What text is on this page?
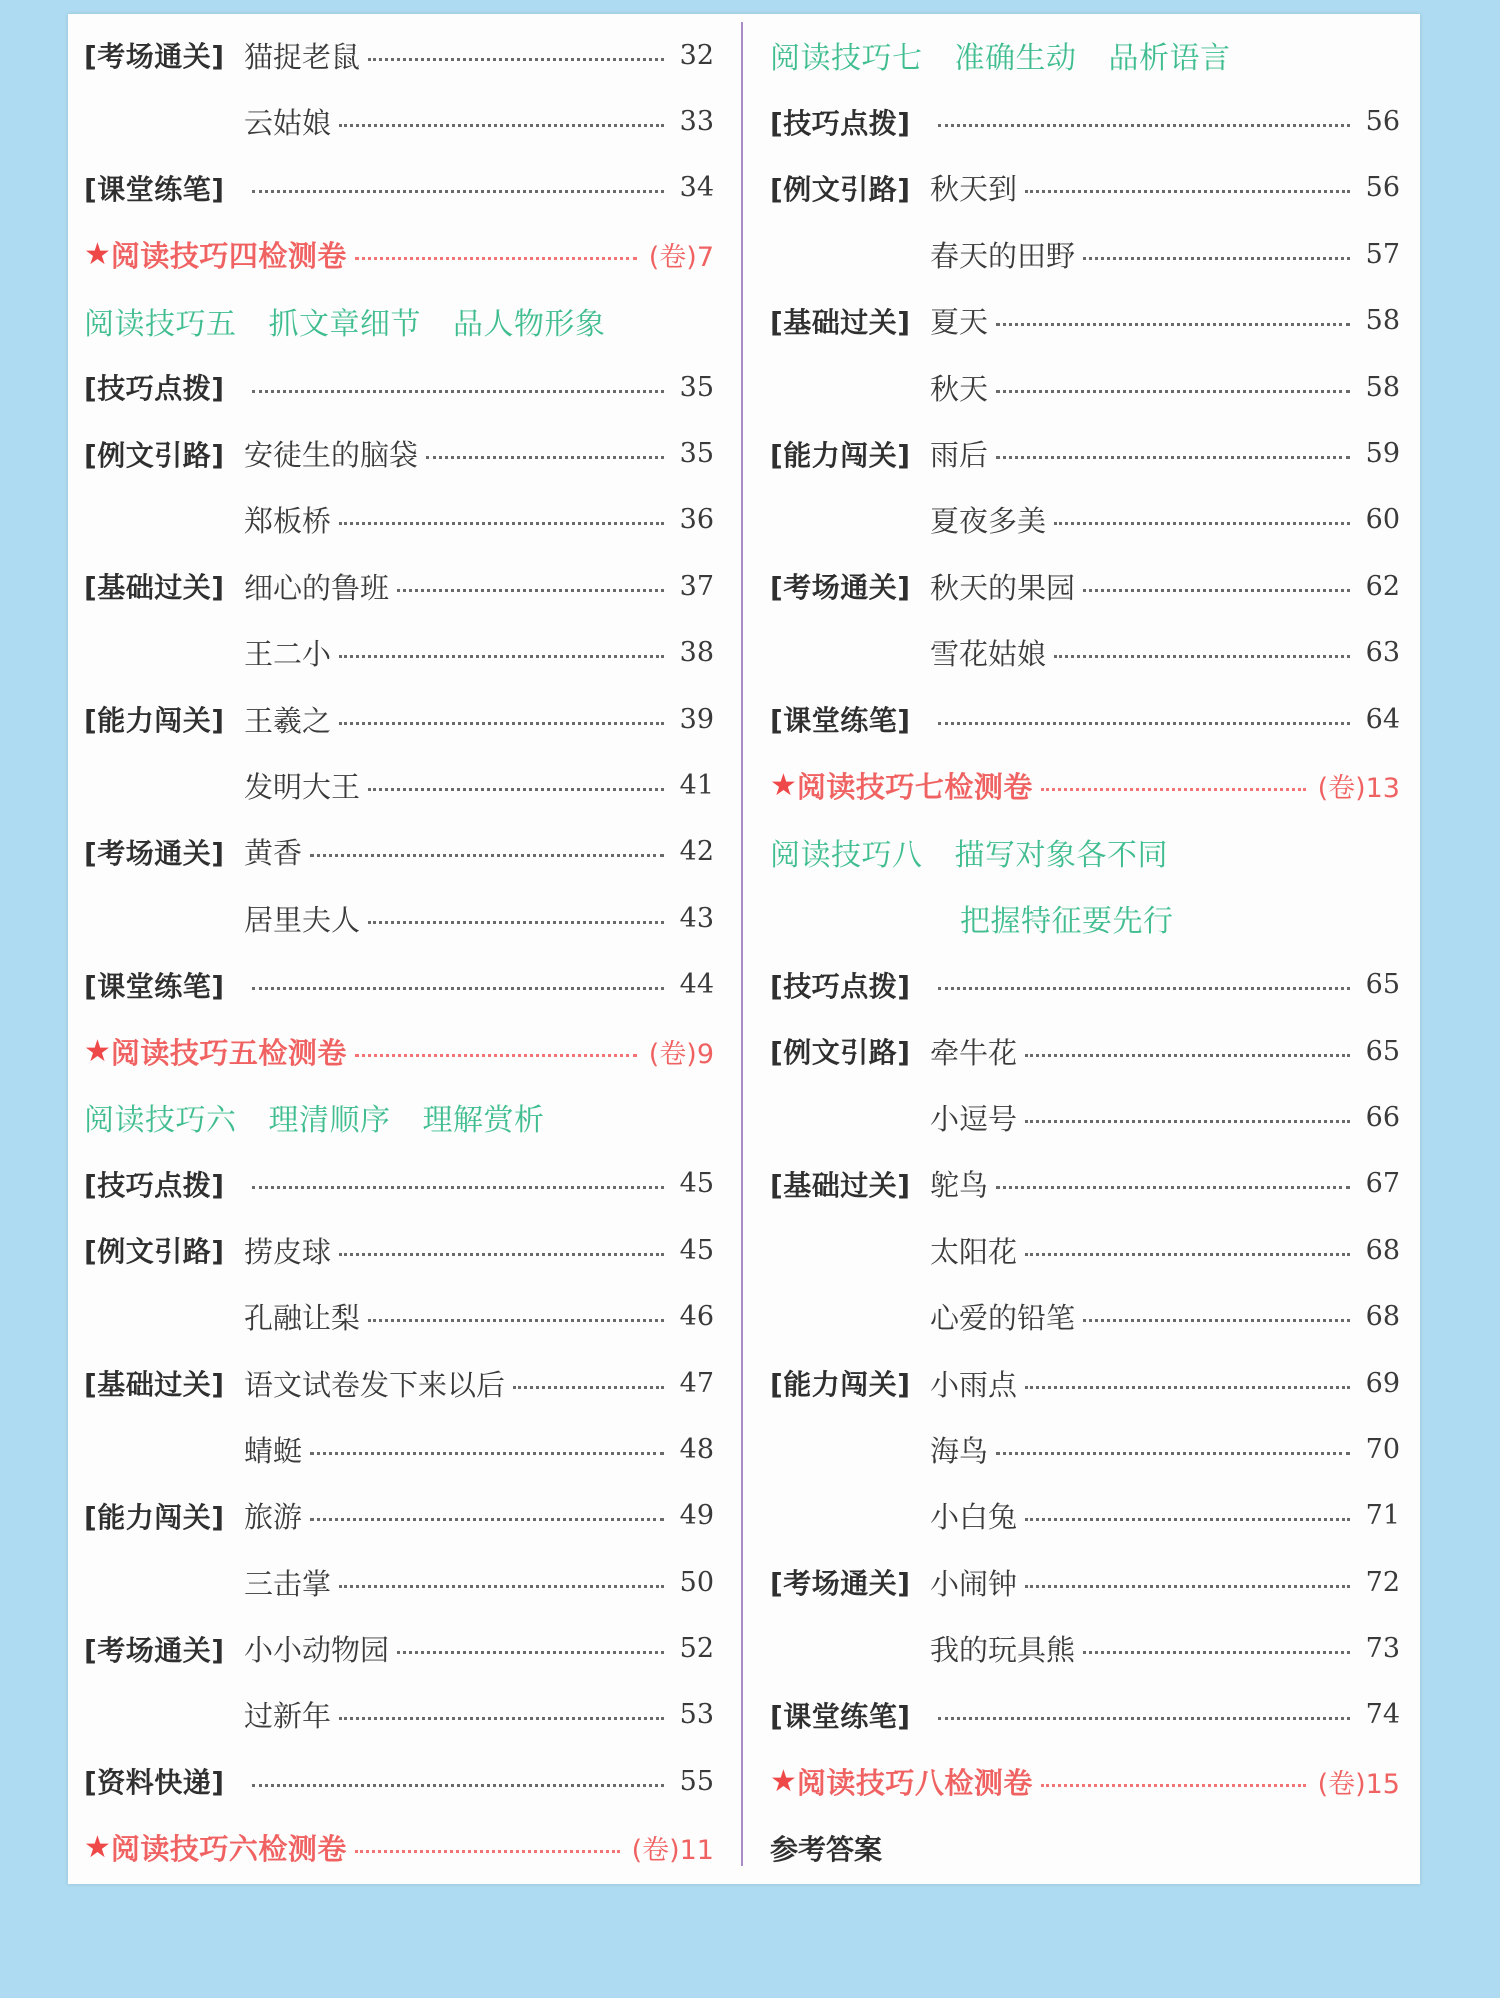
[考场通关] 猫捉老鼠	32
云姑娘	33
[课堂练笔]	34
★ 阅读技巧四检测卷	(卷)7
阅读技巧五 抓文章细节 品人物形象
[技巧点拨]	35
[例文引路] 安徒生的脑袋	35
郑板桥	36
[基础过关] 细心的鲁班	37
王二小	38
[能力闯关] 王羲之	39
发明大王	41
[考场通关] 黄香	42
居里夫人	43
[课堂练笔]	44
★ 阅读技巧五检测卷	(卷)9
阅读技巧六 理清顺序 理解赏析
[技巧点拨]	45
[例文引路] 捞皮球	45
孔融让梨	46
[基础过关] 语文试卷发下来以后	47
蜻蜓	48
[能力闯关] 旅游	49
三击掌	50
[考场通关] 小小动物园	52
过新年	53
[资料快递]	55
★ 阅读技巧六检测卷	(卷)11
阅读技巧七 准确生动 品析语言
[技巧点拨]	56
[例文引路] 秋天到	56
春天的田野	57
[基础过关] 夏天	58
秋天	58
[能力闯关] 雨后	59
夏夜多美	60
[考场通关] 秋天的果园	62
雪花姑娘	63
[课堂练笔]	64
★ 阅读技巧七检测卷	(卷)13
阅读技巧八 描写对象各不同
把握特征要先行
[技巧点拨]	65
[例文引路] 牵牛花	65
小逗号	66
[基础过关] 鸵鸟	67
太阳花	68
心爱的铅笔	68
[能力闯关] 小雨点	69
海鸟	70
小白兔	71
[考场通关] 小闹钟	72
我的玩具熊	73
[课堂练笔]	74
★ 阅读技巧八检测卷	(卷)15
参考答案
